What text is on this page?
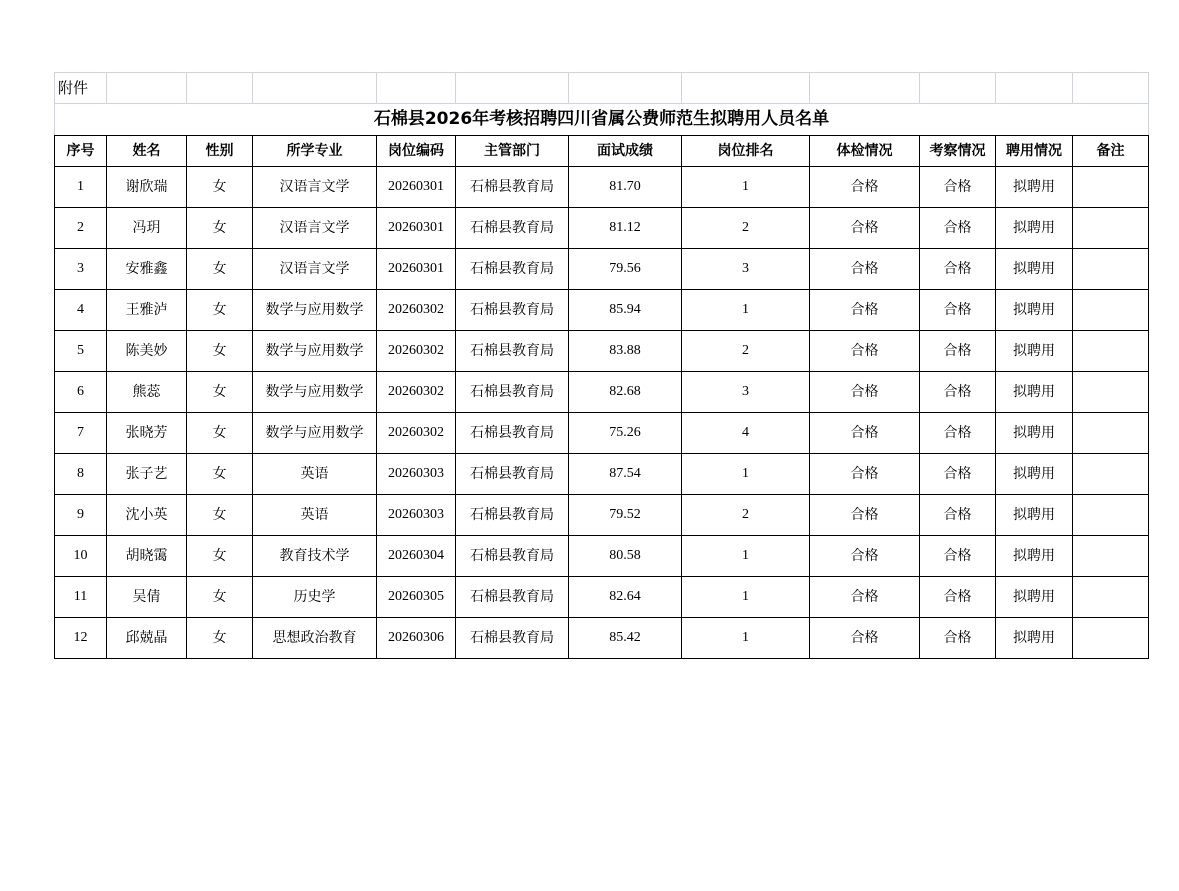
附件											
石棉县2026年考核招聘四川省属公费师范生拟聘用人员名单											
序号	姓名	性别	所学专业	岗位编码	主管部门	面试成绩	岗位排名	体检情况	考察情况	聘用情况	备注
1	谢欣瑞	女	汉语言文学	20260301	石棉县教育局	81.70	1	合格	合格	拟聘用	
2	冯玥	女	汉语言文学	20260301	石棉县教育局	81.12	2	合格	合格	拟聘用	
3	安雅鑫	女	汉语言文学	20260301	石棉县教育局	79.56	3	合格	合格	拟聘用	
4	王雅泸	女	数学与应用数学	20260302	石棉县教育局	85.94	1	合格	合格	拟聘用	
5	陈美妙	女	数学与应用数学	20260302	石棉县教育局	83.88	2	合格	合格	拟聘用	
6	熊蕊	女	数学与应用数学	20260302	石棉县教育局	82.68	3	合格	合格	拟聘用	
7	张晓芳	女	数学与应用数学	20260302	石棉县教育局	75.26	4	合格	合格	拟聘用	
8	张子艺	女	英语	20260303	石棉县教育局	87.54	1	合格	合格	拟聘用	
9	沈小英	女	英语	20260303	石棉县教育局	79.52	2	合格	合格	拟聘用	
10	胡晓霭	女	教育技术学	20260304	石棉县教育局	80.58	1	合格	合格	拟聘用	
11	吴倩	女	历史学	20260305	石棉县教育局	82.64	1	合格	合格	拟聘用	
12	邱兢晶	女	思想政治教育	20260306	石棉县教育局	85.42	1	合格	合格	拟聘用	
